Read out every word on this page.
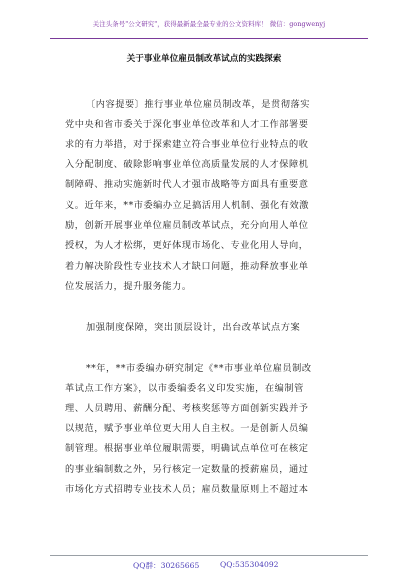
关注头条号"公文研究"，获得最新最全最专业的公文资料库！ 微信：gongwenyj
关于事业单位雇员制改革试点的实践探索
〔内容提要〕推行事业单位雇员制改革，是贯彻落实
党中央和省市委关于深化事业单位改革和人才工作部署要
求的有力举措，对于探索建立符合事业单位行业特点的收
入分配制度、破除影响事业单位高质量发展的人才保障机
制障碍、推动实施新时代人才强市战略等方面具有重要意
义。近年来，**市委编办立足搞活用人机制、强化有效激
励，创新开展事业单位雇员制改革试点，充分向用人单位
授权，为人才松绑，更好体现市场化、专业化用人导向，
着力解决阶段性专业技术人才缺口问题，推动释放事业单
位发展活力，提升服务能力。
加强制度保障，突出顶层设计，出台改革试点方案
**年，**市委编办研究制定《**市事业单位雇员制改
革试点工作方案》，以市委编委名义印发实施，在编制管
理、人员聘用、薪酬分配、考核奖惩等方面创新实践并予
以规范，赋予事业单位更大用人自主权。一是创新人员编
制管理。根据事业单位履职需要，明确试点单位可在核定
的事业编制数之外，另行核定一定数量的授薪雇员，通过
市场化方式招聘专业技术人员；雇员数量原则上不超过本
QQ群：30265665	QQ:535304092
